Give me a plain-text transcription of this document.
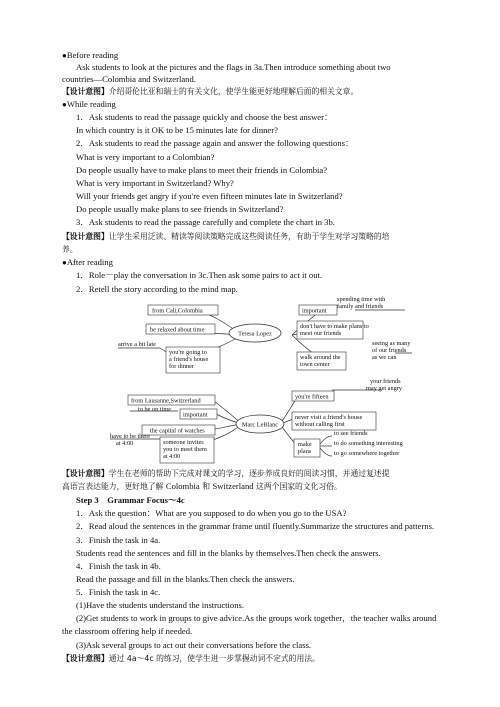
● Before reading
Ask students to look at the pictures and the flags in 3a.Then introduce something about two
countries—Colombia and Switzerland.
【设计意图】介绍哥伦比亚和瑞士的有关文化，使学生能更好地理解后面的相关文章。
● While reading
1．Ask students to read the passage quickly and choose the best answer：
In which country is it OK to be 15 minutes late for dinner?
2．Ask students to read the passage again and answer the following questions：
What is very important to a Colombian?
Do people usually have to make plans to meet their friends in Colombia?
What is very important in Switzerland? Why?
Will your friends get angry if you're even fifteen minutes late in Switzerland?
Do people usually make plans to see friends in Switzerland?
3．Ask students to read the passage carefully and complete the chart in 3b.
【设计意图】让学生采用泛读、精读等阅读策略完成这些阅读任务，有助于学生对学习策略的培
养。
● After reading
1．Role－play the conversation in 3c.Then ask some pairs to act it out.
2．Retell the story according to the mind map.
Teresa Lopez
from Cali,Colombia
be relaxed about time
arrive a bit late
you're going to
a friend's house
for dinner
important
spending time with
family and friends
don't have to make plans to
meet our friends
walk around the
town center
seeing as many
of our friends
as we can
Marc LeBlanc
from Lausanne,Switzerland
to be on time
important
the capital of watches
have to be there
at 4:00	someone invites
you to meet them
at 4:00
your friends
may get angry
you're fifteen
never visit a friend's house
without calling first
make
plans
to see friends
to do something interesting
to go somewhere together
【设计意图】学生在老师的帮助下完成对课文的学习，逐步养成良好的阅读习惯，并通过复述提
高语言表达能力，更好地了解 Colombia 和 Switzerland 这两个国家的文化习俗。
Step 3　Grammar Focus～4c
1．Ask the question：What are you supposed to do when you go to the USA?
2．Read aloud the sentences in the grammar frame until fluently.Summarize the structures and patterns.
3．Finish the task in 4a.
Students read the sentences and fill in the blanks by themselves.Then check the answers.
4．Finish the task in 4b.
Read the passage and fill in the blanks.Then check the answers.
5．Finish the task in 4c.
(1)Have the students understand the instructions.
(2)Get students to work in groups to give advice.As the groups work together，the teacher walks around
the classroom offering help if needed.
(3)Ask several groups to act out their conversations before the class.
【设计意图】通过 4a～4c 的练习，使学生进一步掌握动词不定式的用法。
